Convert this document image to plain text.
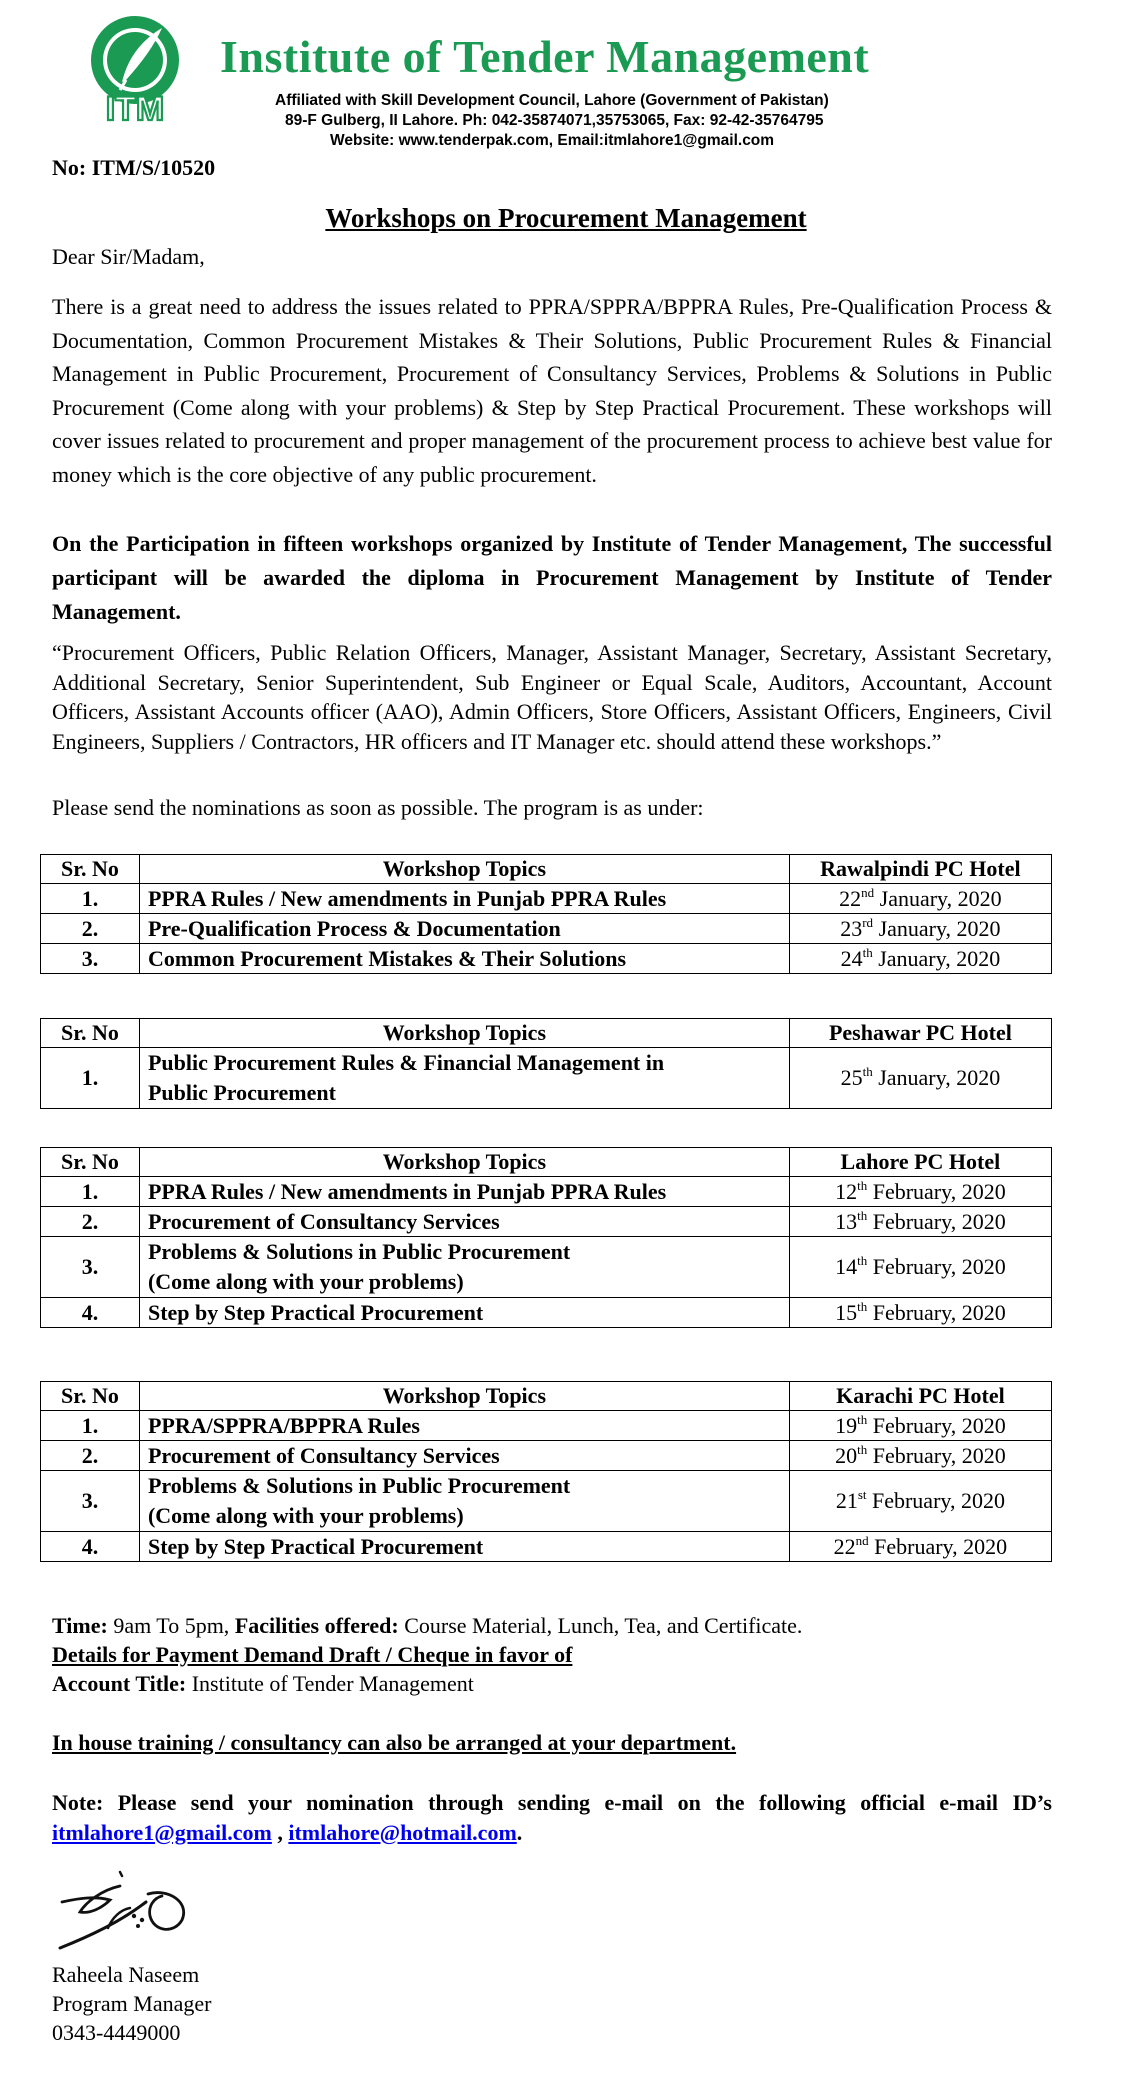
ITM
Institute of Tender Management
Affiliated with Skill Development Council, Lahore (Government of Pakistan)
89-F Gulberg, II Lahore. Ph: 042-35874071,35753065, Fax: 92-42-35764795
Website: www.tenderpak.com, Email:itmlahore1@gmail.com
No: ITM/S/10520
Workshops on Procurement Management
Dear Sir/Madam,
There is a great need to address the issues related to PPRA/SPPRA/BPPRA Rules, Pre-Qualification Process & Documentation, Common Procurement Mistakes & Their Solutions, Public Procurement Rules & Financial Management in Public Procurement, Procurement of Consultancy Services, Problems & Solutions in Public Procurement (Come along with your problems) & Step by Step Practical Procurement. These workshops will cover issues related to procurement and proper management of the procurement process to achieve best value for money which is the core objective of any public procurement.
On the Participation in fifteen workshops organized by Institute of Tender Management, The successful participant will be awarded the diploma in Procurement Management by Institute of Tender Management.
“Procurement Officers, Public Relation Officers, Manager, Assistant Manager, Secretary, Assistant Secretary, Additional Secretary, Senior Superintendent, Sub Engineer or Equal Scale, Auditors, Accountant, Account Officers, Assistant Accounts officer (AAO), Admin Officers, Store Officers, Assistant Officers, Engineers, Civil Engineers, Suppliers / Contractors, HR officers and IT Manager etc. should attend these workshops.”
Please send the nominations as soon as possible. The program is as under:
Sr. No	Workshop Topics	Rawalpindi PC Hotel
1.	PPRA Rules / New amendments in Punjab PPRA Rules	22nd January, 2020
2.	Pre-Qualification Process & Documentation	23rd January, 2020
3.	Common Procurement Mistakes & Their Solutions	24th January, 2020
Sr. No	Workshop Topics	Peshawar PC Hotel
1.	Public Procurement Rules & Financial Management in
Public Procurement	25th January, 2020
Sr. No	Workshop Topics	Lahore PC Hotel
1.	PPRA Rules / New amendments in Punjab PPRA Rules	12th February, 2020
2.	Procurement of Consultancy Services	13th February, 2020
3.	Problems & Solutions in Public Procurement
(Come along with your problems)	14th February, 2020
4.	Step by Step Practical Procurement	15th February, 2020
Sr. No	Workshop Topics	Karachi PC Hotel
1.	PPRA/SPPRA/BPPRA Rules	19th February, 2020
2.	Procurement of Consultancy Services	20th February, 2020
3.	Problems & Solutions in Public Procurement
(Come along with your problems)	21st February, 2020
4.	Step by Step Practical Procurement	22nd February, 2020
Time: 9am To 5pm, Facilities offered: Course Material, Lunch, Tea, and Certificate.
Details for Payment Demand Draft / Cheque in favor of
Account Title: Institute of Tender Management
In house training / consultancy can also be arranged at your department.
Note: Please send your nomination through sending e-mail on the following official e-mail ID’s itmlahore1@gmail.com , itmlahore@hotmail.com.
Raheela Naseem
Program Manager
0343-4449000
